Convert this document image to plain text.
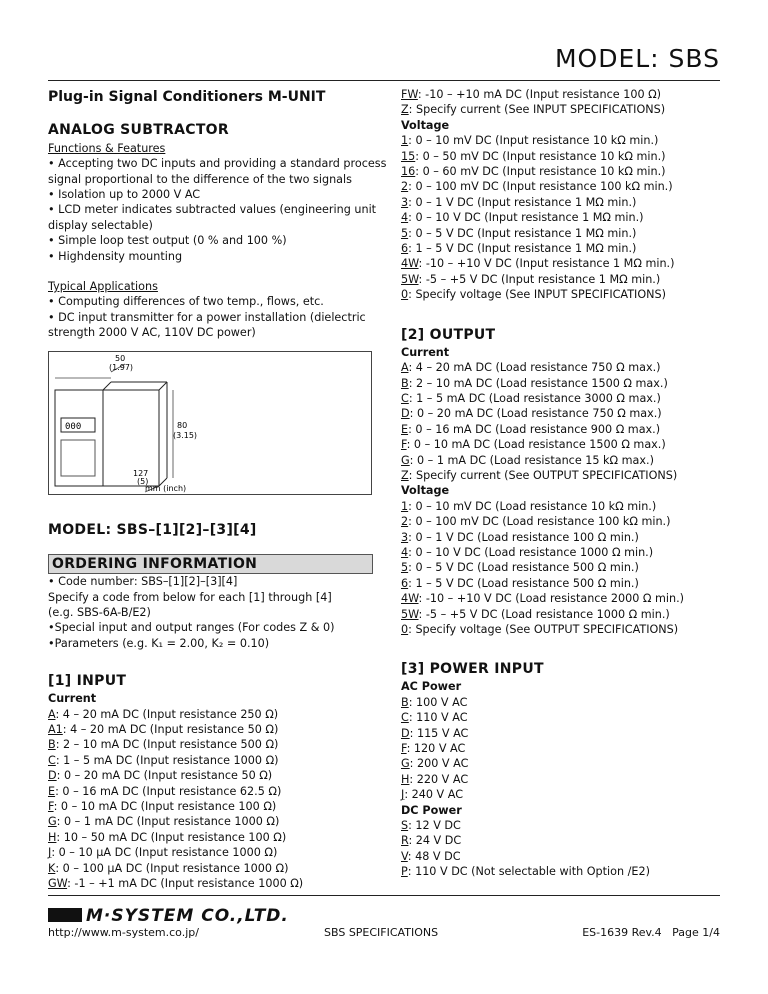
MODEL: SBS
Plug-in Signal Conditioners M-UNIT
ANALOG SUBTRACTOR
Functions & Features
• Accepting two DC inputs and providing a standard process
signal proportional to the difference of the two signals
• Isolation up to 2000 V AC
• LCD meter indicates subtracted values (engineering unit
display selectable)
• Simple loop test output (0 % and 100 %)
• Highdensity mounting
Typical Applications
• Computing differences of two temp., flows, etc.
• DC input transmitter for a power installation (dielectric
strength 2000 V AC, 110V DC power)
000
50
(1.97)
80
(3.15)
127
(5)
mm (inch)
MODEL: SBS–[1][2]–[3][4]
ORDERING INFORMATION
• Code number: SBS–[1][2]–[3][4]
Specify a code from below for each [1] through [4]
(e.g. SBS-6A-B/E2)
•Special input and output ranges (For codes Z & 0)
•Parameters (e.g. K₁ = 2.00, K₂ = 0.10)
[1] INPUT
Current
A: 4 – 20 mA DC (Input resistance 250 Ω)
A1: 4 – 20 mA DC (Input resistance 50 Ω)
B: 2 – 10 mA DC (Input resistance 500 Ω)
C: 1 – 5 mA DC (Input resistance 1000 Ω)
D: 0 – 20 mA DC (Input resistance 50 Ω)
E: 0 – 16 mA DC (Input resistance 62.5 Ω)
F: 0 – 10 mA DC (Input resistance 100 Ω)
G: 0 – 1 mA DC (Input resistance 1000 Ω)
H: 10 – 50 mA DC (Input resistance 100 Ω)
J: 0 – 10 μA DC (Input resistance 1000 Ω)
K: 0 – 100 μA DC (Input resistance 1000 Ω)
GW: -1 – +1 mA DC (Input resistance 1000 Ω)
FW: -10 – +10 mA DC (Input resistance 100 Ω)
Z: Specify current (See INPUT SPECIFICATIONS)
Voltage
1: 0 – 10 mV DC (Input resistance 10 kΩ min.)
15: 0 – 50 mV DC (Input resistance 10 kΩ min.)
16: 0 – 60 mV DC (Input resistance 10 kΩ min.)
2: 0 – 100 mV DC (Input resistance 100 kΩ min.)
3: 0 – 1 V DC (Input resistance 1 MΩ min.)
4: 0 – 10 V DC (Input resistance 1 MΩ min.)
5: 0 – 5 V DC (Input resistance 1 MΩ min.)
6: 1 – 5 V DC (Input resistance 1 MΩ min.)
4W: -10 – +10 V DC (Input resistance 1 MΩ min.)
5W: -5 – +5 V DC (Input resistance 1 MΩ min.)
0: Specify voltage (See INPUT SPECIFICATIONS)
[2] OUTPUT
Current
A: 4 – 20 mA DC (Load resistance 750 Ω max.)
B: 2 – 10 mA DC (Load resistance 1500 Ω max.)
C: 1 – 5 mA DC (Load resistance 3000 Ω max.)
D: 0 – 20 mA DC (Load resistance 750 Ω max.)
E: 0 – 16 mA DC (Load resistance 900 Ω max.)
F: 0 – 10 mA DC (Load resistance 1500 Ω max.)
G: 0 – 1 mA DC (Load resistance 15 kΩ max.)
Z: Specify current (See OUTPUT SPECIFICATIONS)
Voltage
1: 0 – 10 mV DC (Load resistance 10 kΩ min.)
2: 0 – 100 mV DC (Load resistance 100 kΩ min.)
3: 0 – 1 V DC (Load resistance 100 Ω min.)
4: 0 – 10 V DC (Load resistance 1000 Ω min.)
5: 0 – 5 V DC (Load resistance 500 Ω min.)
6: 1 – 5 V DC (Load resistance 500 Ω min.)
4W: -10 – +10 V DC (Load resistance 2000 Ω min.)
5W: -5 – +5 V DC (Load resistance 1000 Ω min.)
0: Specify voltage (See OUTPUT SPECIFICATIONS)
[3] POWER INPUT
AC Power
B: 100 V AC
C: 110 V AC
D: 115 V AC
F: 120 V AC
G: 200 V AC
H: 220 V AC
J: 240 V AC
DC Power
S: 12 V DC
R: 24 V DC
V: 48 V DC
P: 110 V DC (Not selectable with Option /E2)
M·SYSTEM CO.,LTD.
http://www.m-system.co.jp/	SBS SPECIFICATIONS	ES-1639 Rev.4   Page 1/4
